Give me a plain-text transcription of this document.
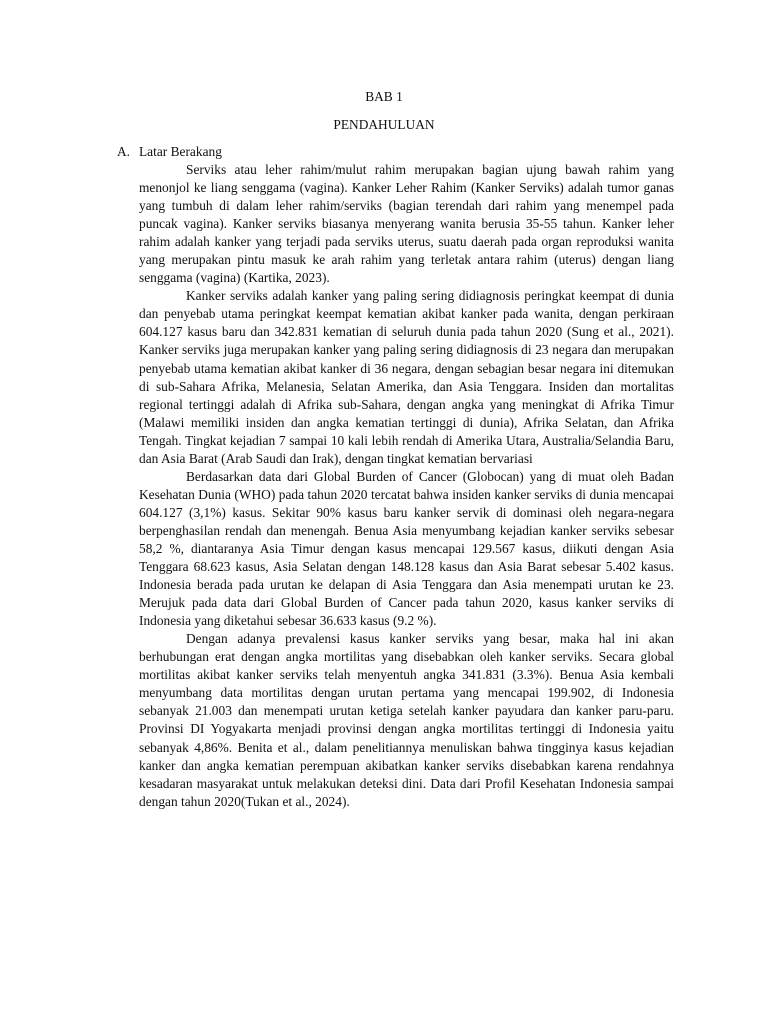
BAB 1
PENDAHULUAN
A. Latar Berakang

Serviks atau leher rahim/mulut rahim merupakan bagian ujung bawah rahim yang menonjol ke liang senggama (vagina). Kanker Leher Rahim (Kanker Serviks) adalah tumor ganas yang tumbuh di dalam leher rahim/serviks (bagian terendah dari rahim yang menempel pada puncak vagina). Kanker serviks biasanya menyerang wanita berusia 35-55 tahun. Kanker leher rahim adalah kanker yang terjadi pada serviks uterus, suatu daerah pada organ reproduksi wanita yang merupakan pintu masuk ke arah rahim yang terletak antara rahim (uterus) dengan liang senggama (vagina) (Kartika, 2023).

Kanker serviks adalah kanker yang paling sering didiagnosis peringkat keempat di dunia dan penyebab utama peringkat keempat kematian akibat kanker pada wanita, dengan perkiraan 604.127 kasus baru dan 342.831 kematian di seluruh dunia pada tahun 2020 (Sung et al., 2021). Kanker serviks juga merupakan kanker yang paling sering didiagnosis di 23 negara dan merupakan penyebab utama kematian akibat kanker di 36 negara, dengan sebagian besar negara ini ditemukan di sub-Sahara Afrika, Melanesia, Selatan Amerika, dan Asia Tenggara. Insiden dan mortalitas regional tertinggi adalah di Afrika sub-Sahara, dengan angka yang meningkat di Afrika Timur (Malawi memiliki insiden dan angka kematian tertinggi di dunia), Afrika Selatan, dan Afrika Tengah. Tingkat kejadian 7 sampai 10 kali lebih rendah di Amerika Utara, Australia/Selandia Baru, dan Asia Barat (Arab Saudi dan Irak), dengan tingkat kematian bervariasi

Berdasarkan data dari Global Burden of Cancer (Globocan) yang di muat oleh Badan Kesehatan Dunia (WHO) pada tahun 2020 tercatat bahwa insiden kanker serviks di dunia mencapai 604.127 (3,1%) kasus. Sekitar 90% kasus baru kanker servik di dominasi oleh negara-negara berpenghasilan rendah dan menengah. Benua Asia menyumbang kejadian kanker serviks sebesar 58,2 %, diantaranya Asia Timur dengan kasus mencapai 129.567 kasus, diikuti dengan Asia Tenggara 68.623 kasus, Asia Selatan dengan 148.128 kasus dan Asia Barat sebesar 5.402 kasus. Indonesia berada pada urutan ke delapan di Asia Tenggara dan Asia menempati urutan ke 23. Merujuk pada data dari Global Burden of Cancer pada tahun 2020, kasus kanker serviks di Indonesia yang diketahui sebesar 36.633 kasus (9.2 %).

Dengan adanya prevalensi kasus kanker serviks yang besar, maka hal ini akan berhubungan erat dengan angka mortilitas yang disebabkan oleh kanker serviks. Secara global mortilitas akibat kanker serviks telah menyentuh angka 341.831 (3.3%). Benua Asia kembali menyumbang data mortilitas dengan urutan pertama yang mencapai 199.902, di Indonesia sebanyak 21.003 dan menempati urutan ketiga setelah kanker payudara dan kanker paru-paru. Provinsi DI Yogyakarta menjadi provinsi dengan angka mortilitas tertinggi di Indonesia yaitu sebanyak 4,86%. Benita et al., dalam penelitiannya menuliskan bahwa tingginya kasus kejadian kanker dan angka kematian perempuan akibatkan kanker serviks disebabkan karena rendahnya kesadaran masyarakat untuk melakukan deteksi dini. Data dari Profil Kesehatan Indonesia sampai dengan tahun 2020(Tukan et al., 2024).
